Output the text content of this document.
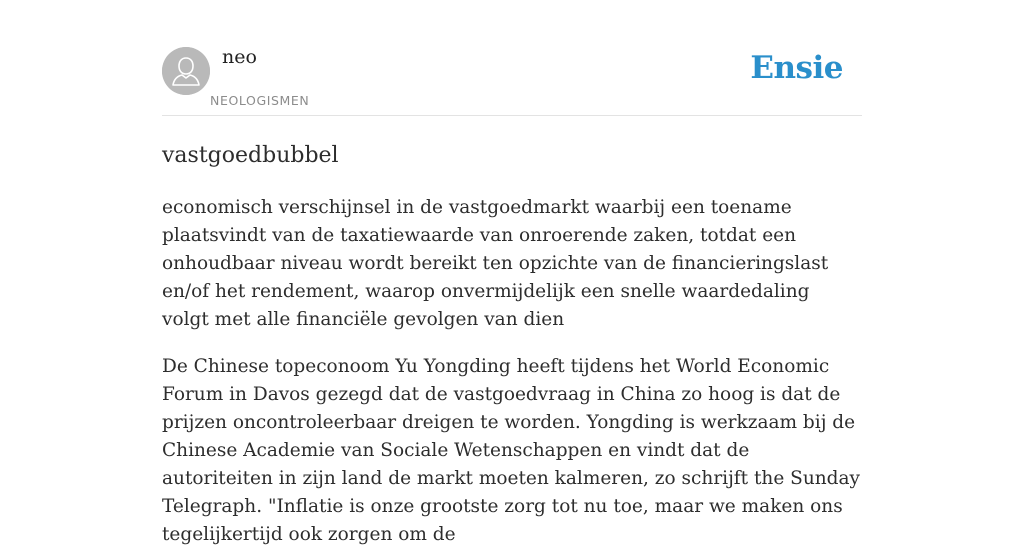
neo
NEOLOGISMEN
Ensie
vastgoedbubbel

economisch verschijnsel in de vastgoedmarkt waarbij een toename plaatsvindt van de taxatiewaarde van onroerende zaken, totdat een onhoudbaar niveau wordt bereikt ten opzichte van de financieringslast en/of het rendement, waarop onvermijdelijk een snelle waardedaling volgt met alle financiële gevolgen van dien

De Chinese topeconoom Yu Yongding heeft tijdens het World Economic Forum in Davos gezegd dat de vastgoedvraag in China zo hoog is dat de prijzen oncontroleerbaar dreigen te worden. Yongding is werkzaam bij de Chinese Academie van Sociale Wetenschappen en vindt dat de autoriteiten in zijn land de markt moeten kalmeren, zo schrijft the Sunday Telegraph. "Inflatie is onze grootste zorg tot nu toe, maar we maken ons tegelijkertijd ook zorgen om de
